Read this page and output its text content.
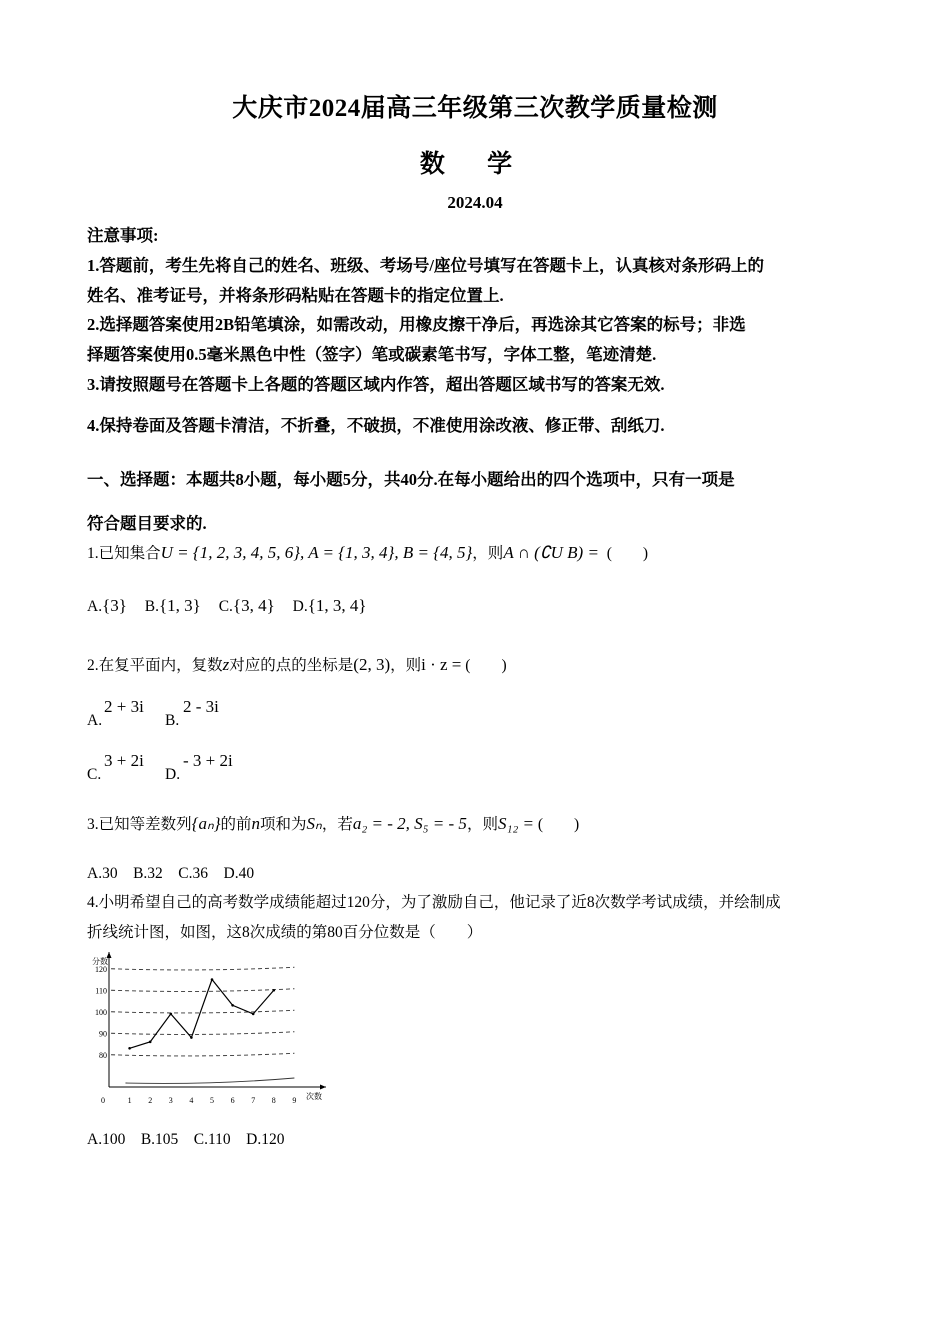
大庆市2024届高三年级第三次教学质量检测
数 学
2024.04
注意事项:
1.答题前，考生先将自己的姓名、班级、考场号/座位号填写在答题卡上，认真核对条形码上的
姓名、准考证号，并将条形码粘贴在答题卡的指定位置上.
2.选择题答案使用2B铅笔填涂，如需改动，用橡皮擦干净后，再选涂其它答案的标号；非选
择题答案使用0.5毫米黑色中性（签字）笔或碳素笔书写，字体工整，笔迹清楚.
3.请按照题号在答题卡上各题的答题区域内作答，超出答题区域书写的答案无效.
4.保持卷面及答题卡清洁，不折叠，不破损，不准使用涂改液、修正带、刮纸刀.
一、选择题：本题共8小题，每小题5分，共40分.在每小题给出的四个选项中，只有一项是
符合题目要求的.
1.已知集合U = {1, 2, 3, 4, 5, 6}, A = {1, 3, 4}, B = {4, 5}，则A ∩ (∁U B) = (　　)
A.{3} B.{1, 3} C.{3, 4} D.{1, 3, 4}
2.在复平面内，复数z对应的点的坐标是(2, 3)，则i · z = (　　)
A.
2 + 3i
B.
2 - 3i
C.
3 + 2i
D.
- 3 + 2i
3.已知等差数列{aₙ}的前n项和为Sₙ，若a₂ = - 2, S₅ = - 5，则S₁₂ = (　　)
A.30　B.32　C.36　D.40
4.小明希望自己的高考数学成绩能超过120分，为了激励自己，他记录了近8次数学考试成绩，并绘制成
折线统计图，如图，这8次成绩的第80百分位数是（　　）
分数
次数
0
80
90
100
110
120
1 2 3 4 5 6 7 8 9
A.100　B.105　C.110　D.120
